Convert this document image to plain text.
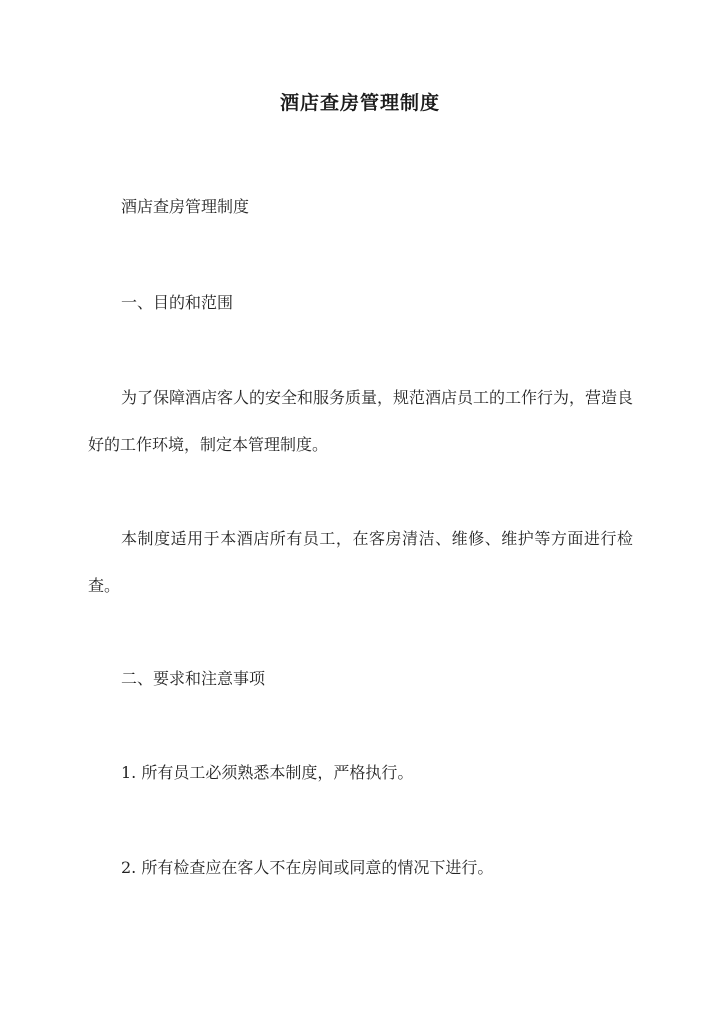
酒店查房管理制度
酒店查房管理制度
一、目的和范围
为了保障酒店客人的安全和服务质量，规范酒店员工的工作行为，营造良好的工作环境，制定本管理制度。
本制度适用于本酒店所有员工，在客房清洁、维修、维护等方面进行检查。
二、要求和注意事项
1. 所有员工必须熟悉本制度，严格执行。
2. 所有检查应在客人不在房间或同意的情况下进行。
